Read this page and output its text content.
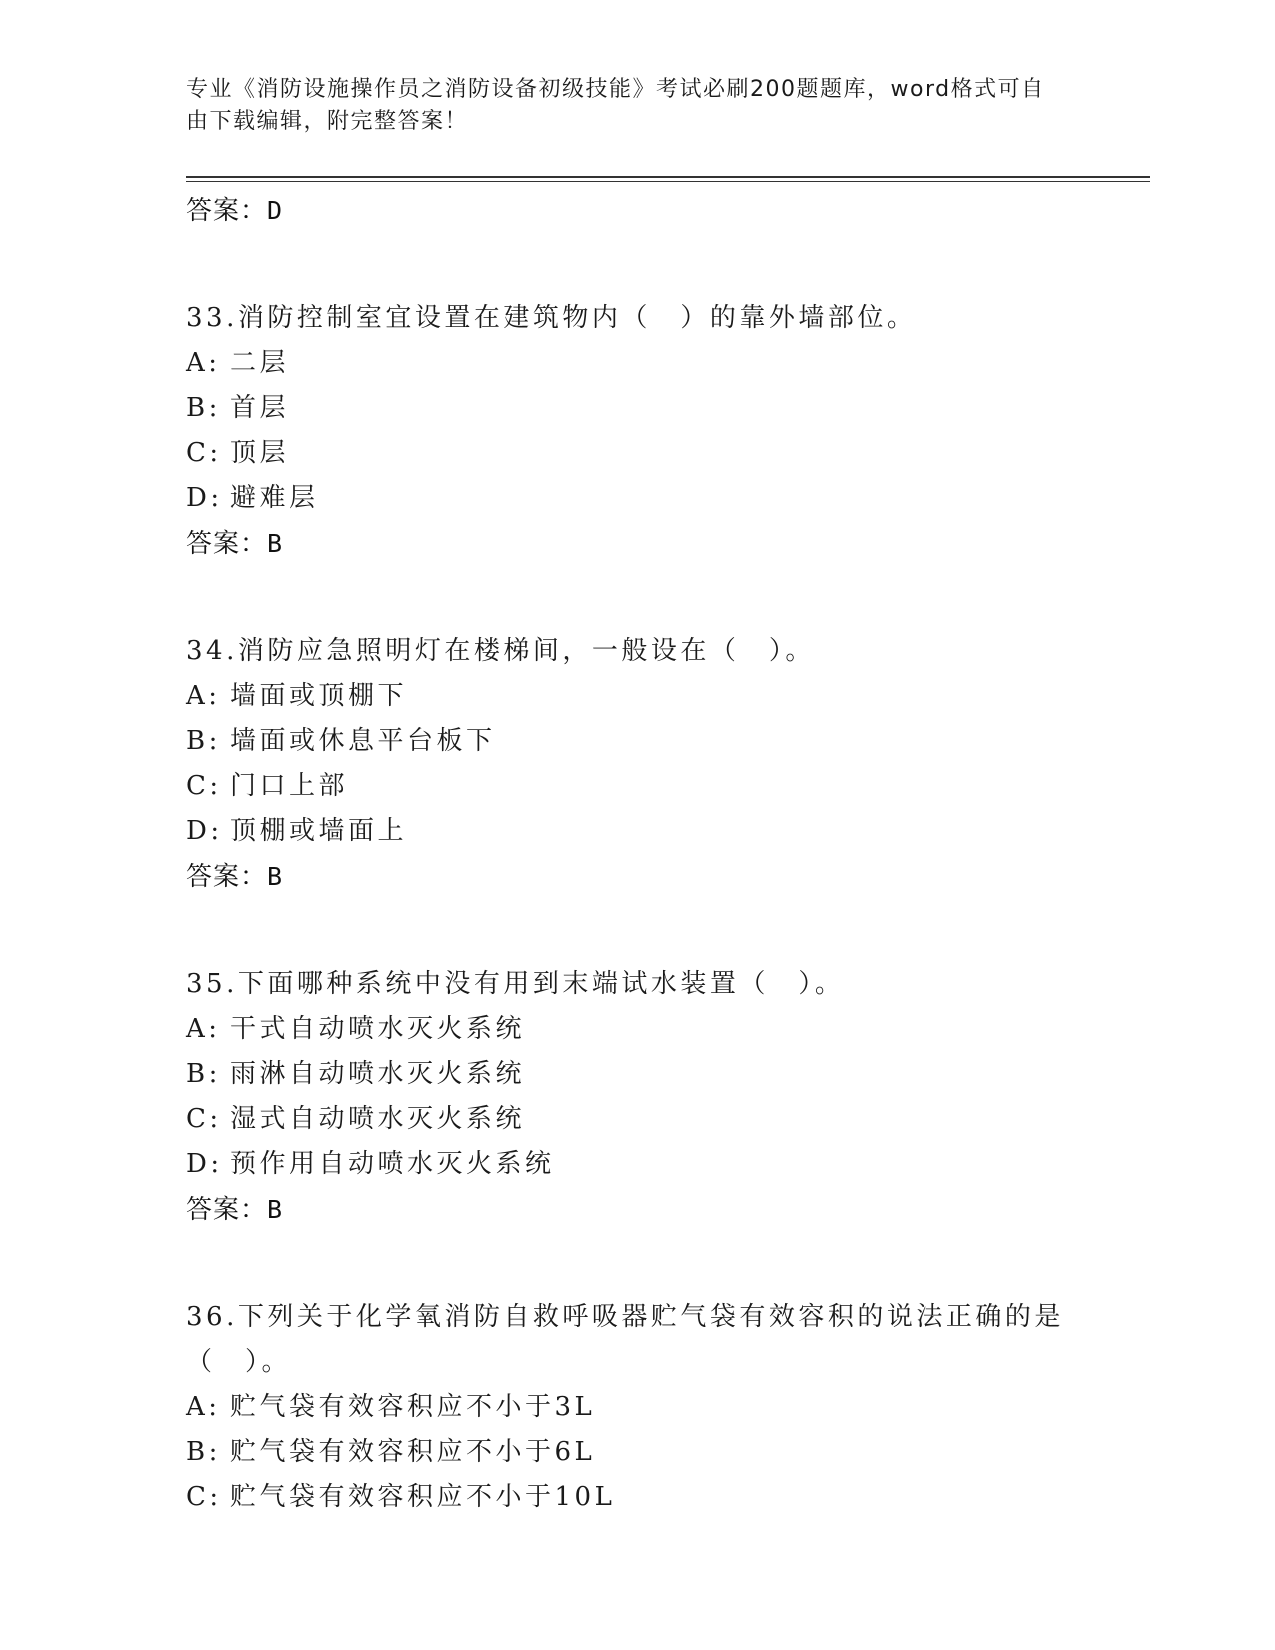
专业《消防设施操作员之消防设备初级技能》考试必刷200题题库，word格式可自由下载编辑，附完整答案！
答案：D
33.消防控制室宜设置在建筑物内（　）的靠外墙部位。
A: 二层
B: 首层
C: 顶层
D: 避难层
答案：B
34.消防应急照明灯在楼梯间，一般设在（　）。
A: 墙面或顶棚下
B: 墙面或休息平台板下
C: 门口上部
D: 顶棚或墙面上
答案：B
35.下面哪种系统中没有用到末端试水装置（　）。
A: 干式自动喷水灭火系统
B: 雨淋自动喷水灭火系统
C: 湿式自动喷水灭火系统
D: 预作用自动喷水灭火系统
答案：B
36.下列关于化学氧消防自救呼吸器贮气袋有效容积的说法正确的是（　）。
A: 贮气袋有效容积应不小于3L
B: 贮气袋有效容积应不小于6L
C: 贮气袋有效容积应不小于10L
